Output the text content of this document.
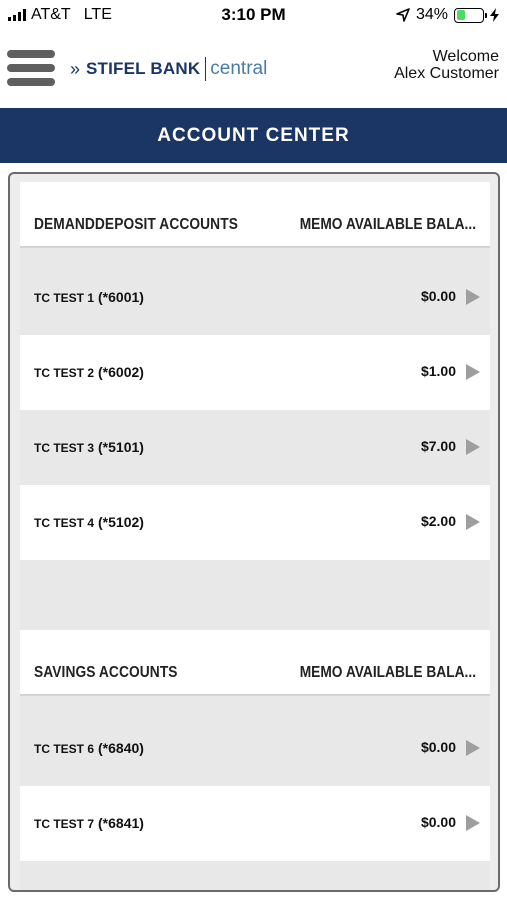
AT&T LTE	3:10 PM	34%
» STIFEL BANK central
Welcome
Alex Customer
ACCOUNT CENTER
DEMANDDEPOSIT ACCOUNTS	MEMO AVAILABLE BALA...
TC TEST 1 (*6001)	$0.00
TC TEST 2 (*6002)	$1.00
TC TEST 3 (*5101)	$7.00
TC TEST 4 (*5102)	$2.00
SAVINGS ACCOUNTS	MEMO AVAILABLE BALA...
TC TEST 6 (*6840)	$0.00
TC TEST 7 (*6841)	$0.00
